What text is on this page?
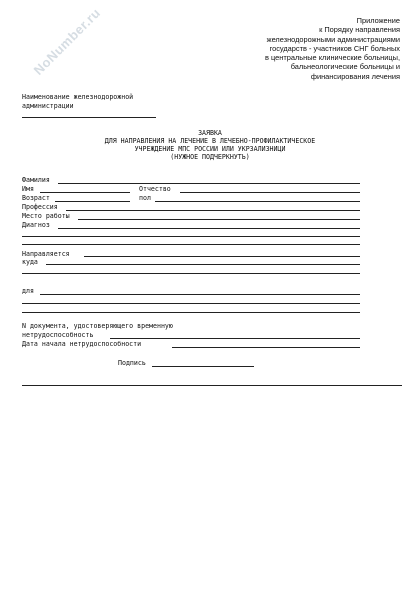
NoNumber.ru	Приложение
к Порядку направления
железнодорожными администрациями
государств - участников СНГ больных
в центральные клинические больницы,
бальнеологические больницы и
финансирования лечения
Наименование железнодорожной
администрации
ЗАЯВКА
ДЛЯ НАПРАВЛЕНИЯ НА ЛЕЧЕНИЕ В ЛЕЧЕБНО-ПРОФИЛАКТИЧЕСКОЕ
УЧРЕЖДЕНИЕ МПС РОССИИ ИЛИ УКРЗАЛИЗНИЦИ
(НУЖНОЕ ПОДЧЕРКНУТЬ)
Фамилия
Имя	Отчество
Возраст	пол
Профессия
Место работы
Диагноз
Направляется
куда
для
N документа, удостоверяющего временную
нетрудоспособность
Дата начала нетрудоспособности
Подпись
